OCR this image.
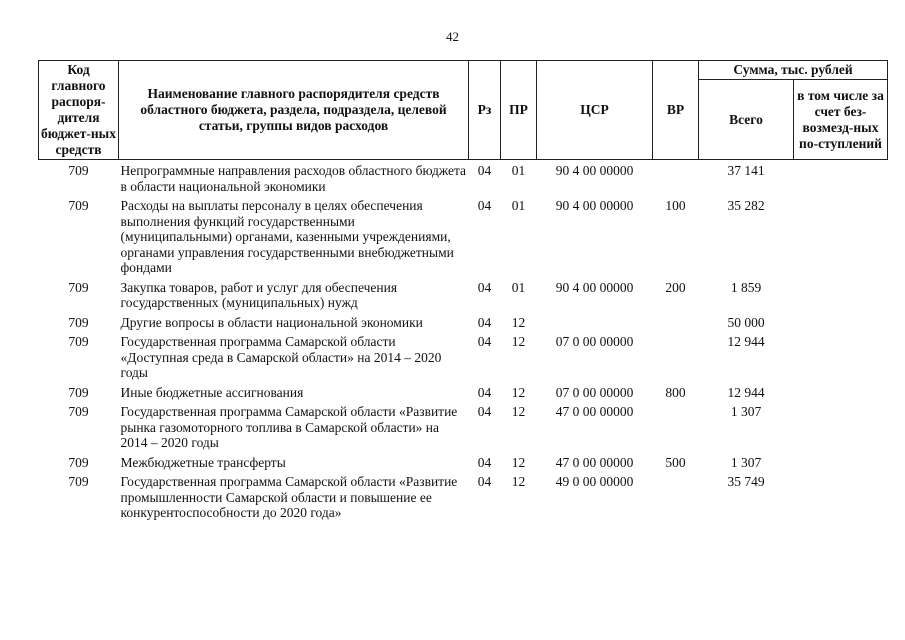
42
Код главного распоря-дителя бюджет-ных средств	Наименование главного распорядителя средств областного бюджета, раздела, подраздела, целевой статьи, группы видов расходов	Рз	ПР	ЦСР	ВР	Сумма, тыс. рублей	
						Всего	в том числе за счет без-возмезд-ных по-ступлений
709	Непрограммные направления расходов областного бюджета в области национальной экономики	04	01	90 4 00 00000		37 141	
709	Расходы на выплаты персоналу в целях обеспечения выполнения функций государственными (муниципальными) органами, казенными учреждениями, органами управления государственными внебюджетными фондами	04	01	90 4 00 00000	100	35 282	
709	Закупка товаров, работ и услуг для обеспечения государственных (муниципальных) нужд	04	01	90 4 00 00000	200	1 859	
709	Другие вопросы в области национальной экономики	04	12			50 000	
709	Государственная программа Самарской области «Доступная среда в Самарской области» на 2014 – 2020 годы	04	12	07 0 00 00000		12 944	
709	Иные бюджетные ассигнования	04	12	07 0 00 00000	800	12 944	
709	Государственная программа Самарской области «Развитие рынка газомоторного топлива в Самарской области» на 2014 – 2020 годы	04	12	47 0 00 00000		1 307	
709	Межбюджетные трансферты	04	12	47 0 00 00000	500	1 307	
709	Государственная программа Самарской области «Развитие промышленности Самарской области и повышение ее конкурентоспособности до 2020 года»	04	12	49 0 00 00000		35 749	
